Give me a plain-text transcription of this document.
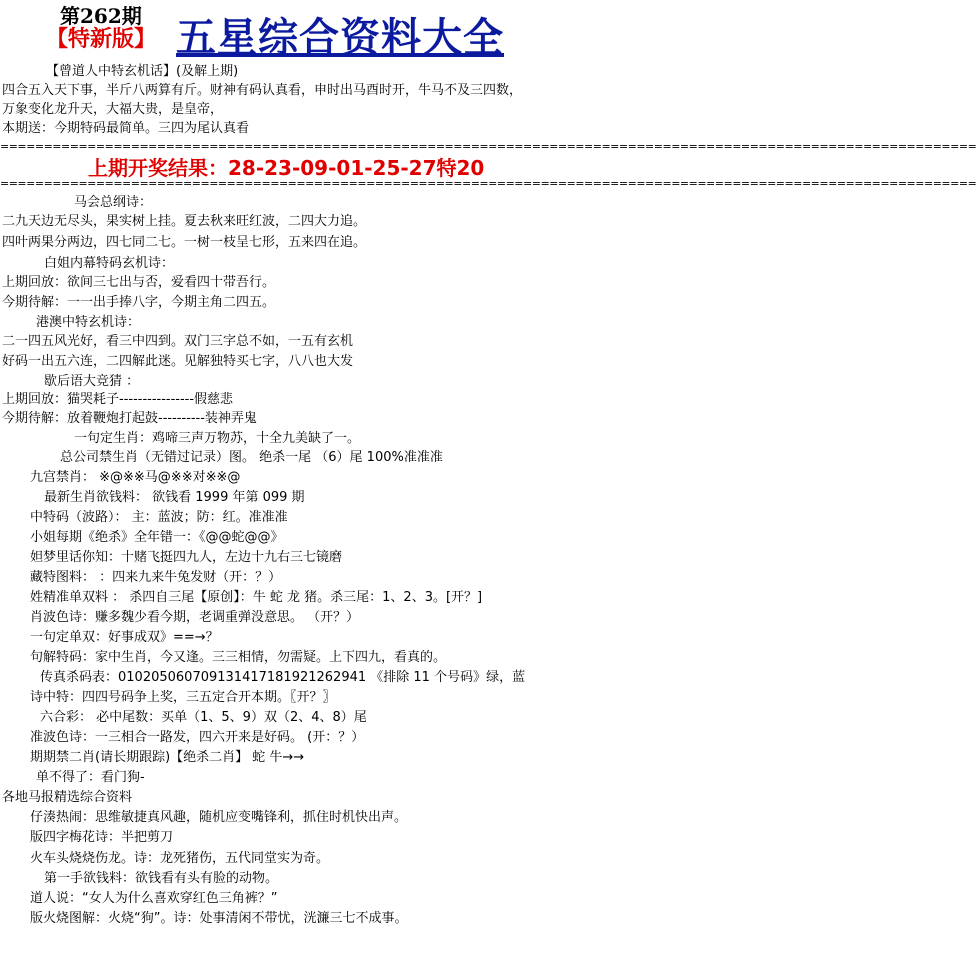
第262期
【特新版】 五星综合资料大全
【曾道人中特玄机话】(及解上期)
四合五入天下事，半斤八两算有斤。财神有码认真看，申时出马酉时开，牛马不及三四数，
万象变化龙升天，大福大贵，是皇帝，
本期送：今期特码最简单。三四为尾认真看
================================================================================================================
上期开奖结果：28-23-09-01-25-27特20
================================================================================================================
马会总纲诗：
二九天边无尽头，果实树上挂。夏去秋来旺红波，二四大力追。
四叶两果分两边，四七同二七。一树一枝呈七形，五来四在追。
白姐内幕特码玄机诗：
上期回放：欲间三七出与否，爱看四十带吾行。
今期待解：一一出手捧八字，今期主角二四五。
港澳中特玄机诗：
二一四五风光好，看三中四到。双门三字总不如，一五有玄机
好码一出五六连，二四解此迷。见解独特买七字，八八也大发
歇后语大竞猜 ：
上期回放：猫哭耗子----------------假慈悲
今期待解：放着鞭炮打起鼓----------装神弄鬼
一句定生肖：鸡啼三声万物苏，十全九美缺了一。
总公司禁生肖（无错过记录）图。 绝杀一尾 （6）尾 100%准准准
九宫禁肖： ※@※※马@※※对※※@
最新生肖欲钱料： 欲钱看 1999 年第 099 期
中特码（波路）： 主：蓝波；防：红。准准准
小姐每期《绝杀》全年错一：《@@蛇@@》
妲梦里话你知：十赌飞挺四九人，左边十九右三七镜磨
藏特图料： ：四来九来牛兔发财（开：？）
姓精准单双料 ： 杀四自三尾【原创】：牛 蛇 龙 猪。杀三尾：1、2、3。[开？]
肖波色诗：赚多魏少看今期，老调重弹没意思。 （开？）
一句定单双：好事成双》==→？
句解特码：家中生肖，今又逢。三三相情，勿需疑。上下四九，看真的。
传真杀码表：0102050607091314171819212629​41 《排除 11 个号码》绿，蓝
诗中特：四四号码争上奖，三五定合开本期。〖开？〗
六合彩： 必中尾数：买单（1、5、9）双（2、4、8）尾
准波色诗：一三相合一路发，四六开来是好码。 (开：？）
期期禁二肖(请长期跟踪)【绝杀二肖】 蛇 牛→→
单不得了：看门狗-
各地马报精选综合资料
仔湊热闹：思维敏捷真风趣，随机应变嘴锋利，抓住时机快出声。
版四字梅花诗：半把剪刀
火车头烧烧伤龙。诗：龙死猪伤，五代同堂实为奇。
第一手欲钱料：欲钱看有头有脸的动物。
道人说：“女人为什么喜欢穿红色三角裤？”
版火烧图解：火烧“狗”。诗：处事清闲不带忧，洸濂三七不成事。
